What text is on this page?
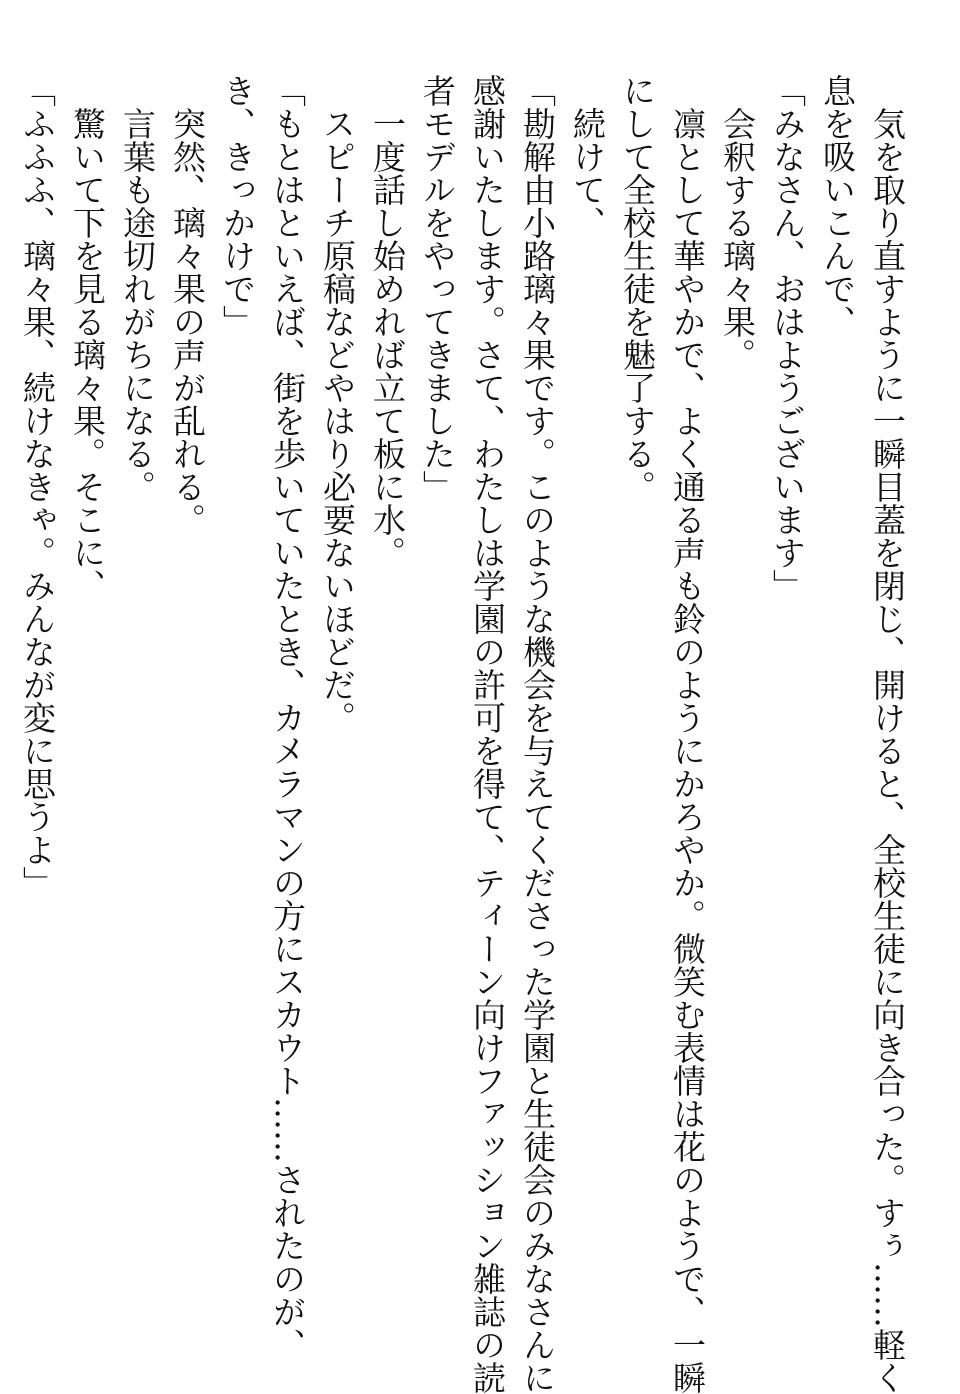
　気を取り直すように一瞬目蓋を閉じ、開けると、全校生徒に向き合った。すぅ……軽く
息を吸いこんで、
「みなさん、おはようございます」
　会釈する璃々果。
　凛として華やかで、よく通る声も鈴のようにかろやか。微笑む表情は花のようで、一瞬
にして全校生徒を魅了する。
　続けて、
「勘解由小路璃々果です。このような機会を与えてくださった学園と生徒会のみなさんに
感謝いたします。さて、わたしは学園の許可を得て、ティーン向けファッション雑誌の読
者モデルをやってきました」
　一度話し始めれば立て板に水。
　スピーチ原稿などやはり必要ないほどだ。
「もとはといえば、街を歩いていたとき、カメラマンの方にスカウト……されたのが、
き、きっかけで」
　突然、璃々果の声が乱れる。
　言葉も途切れがちになる。
　驚いて下を見る璃々果。そこに、
「ふふふ、璃々果、続けなきゃ。みんなが変に思うよ」
